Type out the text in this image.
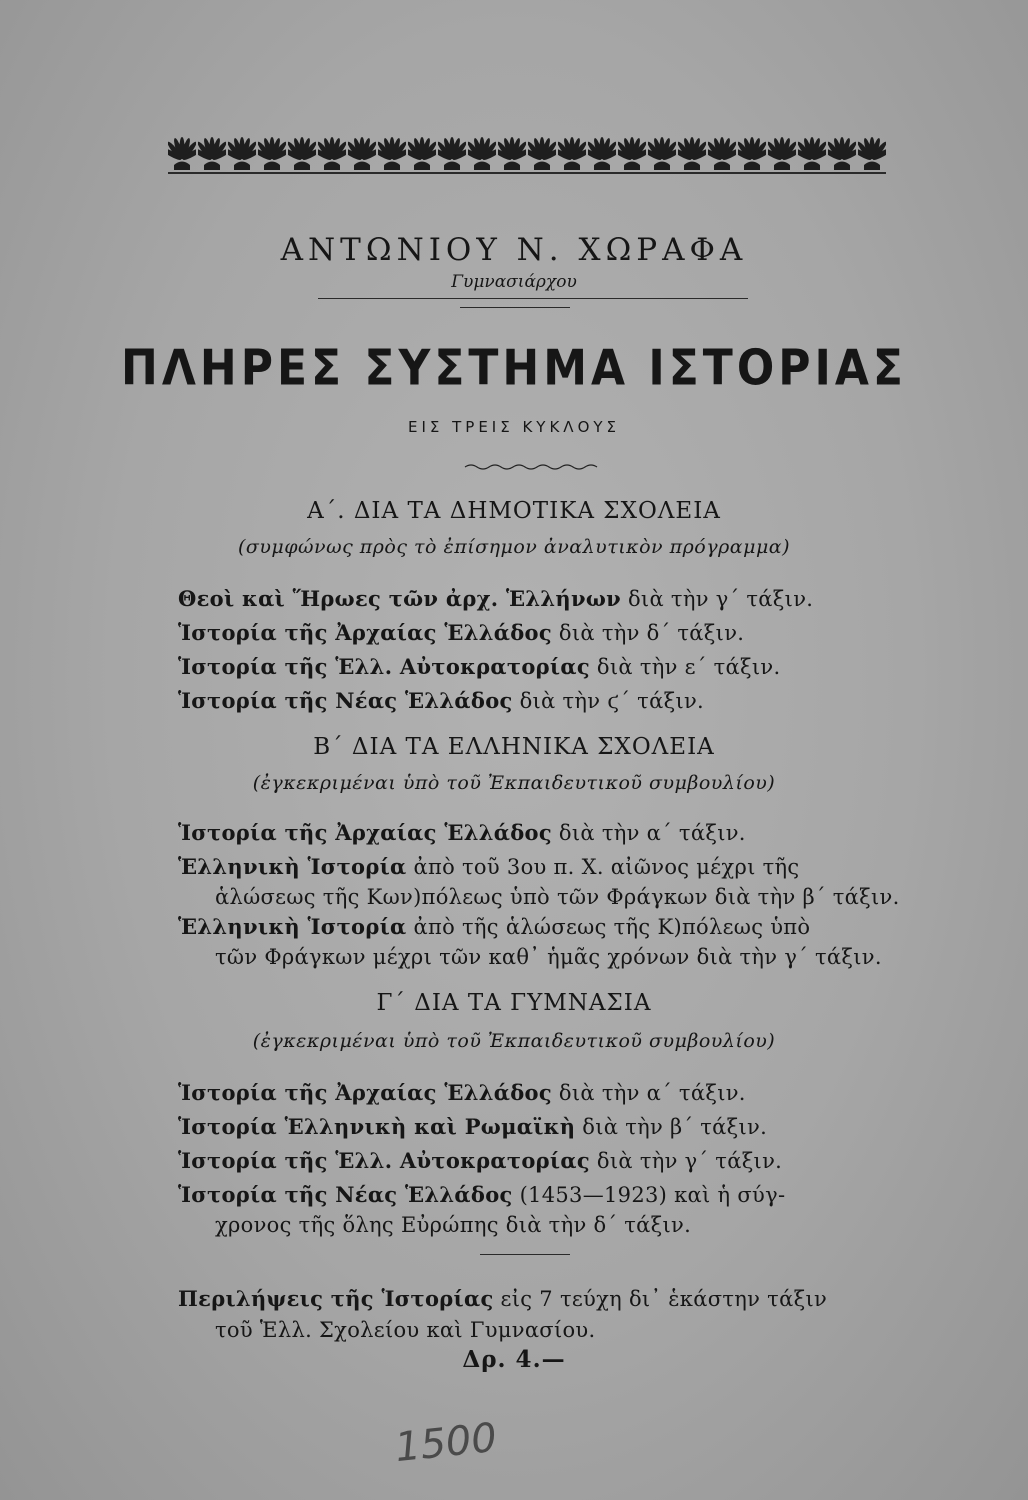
ΑΝΤΩΝΙΟΥ Ν. ΧΩΡΑΦΑ
Γυμνασιάρχου
ΠΛΗΡΕΣ ΣΥΣΤΗΜΑ ΙΣΤΟΡΙΑΣ
ΕΙΣ ΤΡΕΙΣ ΚΥΚΛΟΥΣ
Α΄. ΔΙΑ ΤΑ ΔΗΜΟΤΙΚΑ ΣΧΟΛΕΙΑ
(συμφώνως πρὸς τὸ ἐπίσημον ἀναλυτικὸν πρόγραμμα)
Θεοὶ καὶ Ἥρωες τῶν ἀρχ. Ἑλλήνων διὰ τὴν γ΄ τάξιν.
Ἱστορία τῆς Ἀρχαίας Ἑλλάδος διὰ τὴν δ΄ τάξιν.
Ἱστορία τῆς Ἑλλ. Αὐτοκρατορίας διὰ τὴν ε΄ τάξιν.
Ἱστορία τῆς Νέας Ἑλλάδος διὰ τὴν ϛ΄ τάξιν.
Β΄ ΔΙΑ ΤΑ ΕΛΛΗΝΙΚΑ ΣΧΟΛΕΙΑ
(ἐγκεκριμέναι ὑπὸ τοῦ Ἐκπαιδευτικοῦ συμβουλίου)
Ἱστορία τῆς Ἀρχαίας Ἑλλάδος διὰ τὴν α΄ τάξιν.
Ἑλληνικὴ Ἱστορία ἀπὸ τοῦ 3ου π. Χ. αἰῶνος μέχρι τῆς
ἁλώσεως τῆς Κων)πόλεως ὑπὸ τῶν Φράγκων διὰ τὴν β΄ τάξιν.
Ἑλληνικὴ Ἱστορία ἀπὸ τῆς ἁλώσεως τῆς Κ)πόλεως ὑπὸ
τῶν Φράγκων μέχρι τῶν καθ᾿ ἡμᾶς χρόνων διὰ τὴν γ΄ τάξιν.
Γ΄ ΔΙΑ ΤΑ ΓΥΜΝΑΣΙΑ
(ἐγκεκριμέναι ὑπὸ τοῦ Ἐκπαιδευτικοῦ συμβουλίου)
Ἱστορία τῆς Ἀρχαίας Ἑλλάδος διὰ τὴν α΄ τάξιν.
Ἱστορία Ἑλληνικὴ καὶ Ρωμαϊκὴ διὰ τὴν β΄ τάξιν.
Ἱστορία τῆς Ἑλλ. Αὐτοκρατορίας διὰ τὴν γ΄ τάξιν.
Ἱστορία τῆς Νέας Ἑλλάδος (1453—1923) καὶ ἡ σύγ-
χρονος τῆς ὅλης Εὐρώπης διὰ τὴν δ΄ τάξιν.
Περιλήψεις τῆς Ἱστορίας εἰς 7 τεύχη δι᾿ ἑκάστην τάξιν
τοῦ Ἑλλ. Σχολείου καὶ Γυμνασίου.
Δρ. 4.—
1500
